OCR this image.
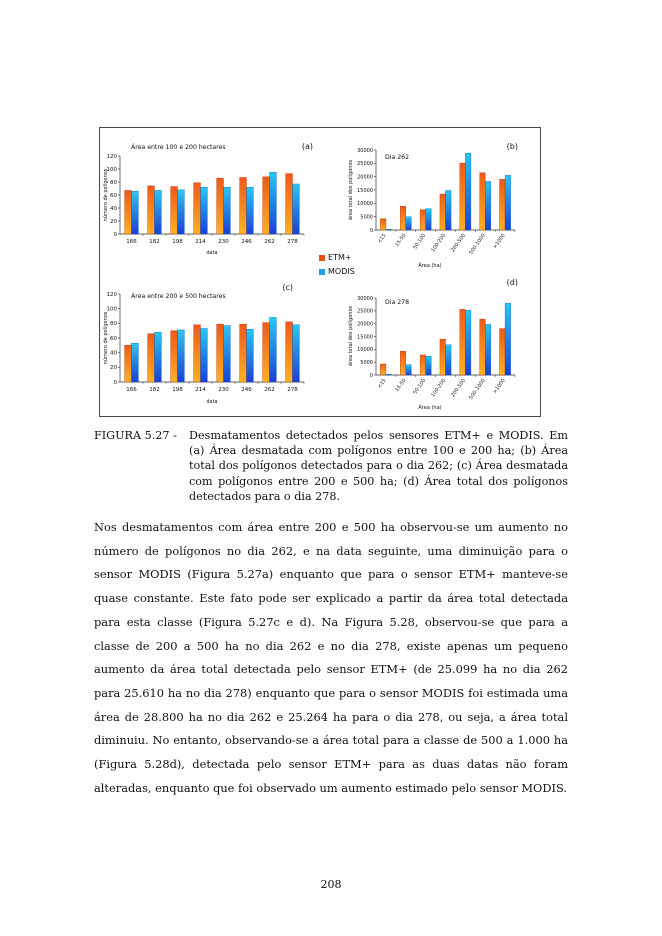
Área entre 100 e 200 hectares	(a)
0
20
40
60
80
100
120
166 182 198 214 230 246 262 278
data
número de polígonos
Dia 262
(b)
0
5000
10000
15000
20000
25000
30000
<15 15-50 50-100 100-200 200-500 500-1000 >1000
Área (ha)
área total dos polígonos
Área entre 200 e 500 hectares
(c)
0
20
40
60
80
100
120
166 182 198 214 230 246 262 278
data
número de polígonos
Dia 278
(d)
0
5000
10000
15000
20000
25000
30000
<15 15-50 50-100 100-200 200-500 500-1000 >1000
Área (ha)
área total dos polígonos
ETM+
MODIS
FIGURA 5.27 - Desmatamentos detectados pelos sensores ETM+ e MODIS. Em (a) Área desmatada com polígonos entre 100 e 200 ha; (b) Área total dos polígonos detectados para o dia 262; (c) Área desmatada com polígonos entre 200 e 500 ha; (d) Área total dos polígonos detectados para o dia 278.
Nos desmatamentos com área entre 200 e 500 ha observou-se um aumento no número de polígonos no dia 262, e na data seguinte, uma diminuição para o sensor MODIS (Figura 5.27a) enquanto que para o sensor ETM+ manteve-se quase constante. Este fato pode ser explicado a partir da área total detectada para esta classe (Figura 5.27c e d). Na Figura 5.28, observou-se que para a classe de 200 a 500 ha no dia 262 e no dia 278, existe apenas um pequeno aumento da área total detectada pelo sensor ETM+ (de 25.099 ha no dia 262 para 25.610 ha no dia 278) enquanto que para o sensor MODIS foi estimada uma área de 28.800 ha no dia 262 e 25.264 ha para o dia 278, ou seja, a área total diminuiu. No entanto, observando-se a área total para a classe de 500 a 1.000 ha (Figura 5.28d), detectada pelo sensor ETM+ para as duas datas não foram alteradas, enquanto que foi observado um aumento estimado pelo sensor MODIS.
208
